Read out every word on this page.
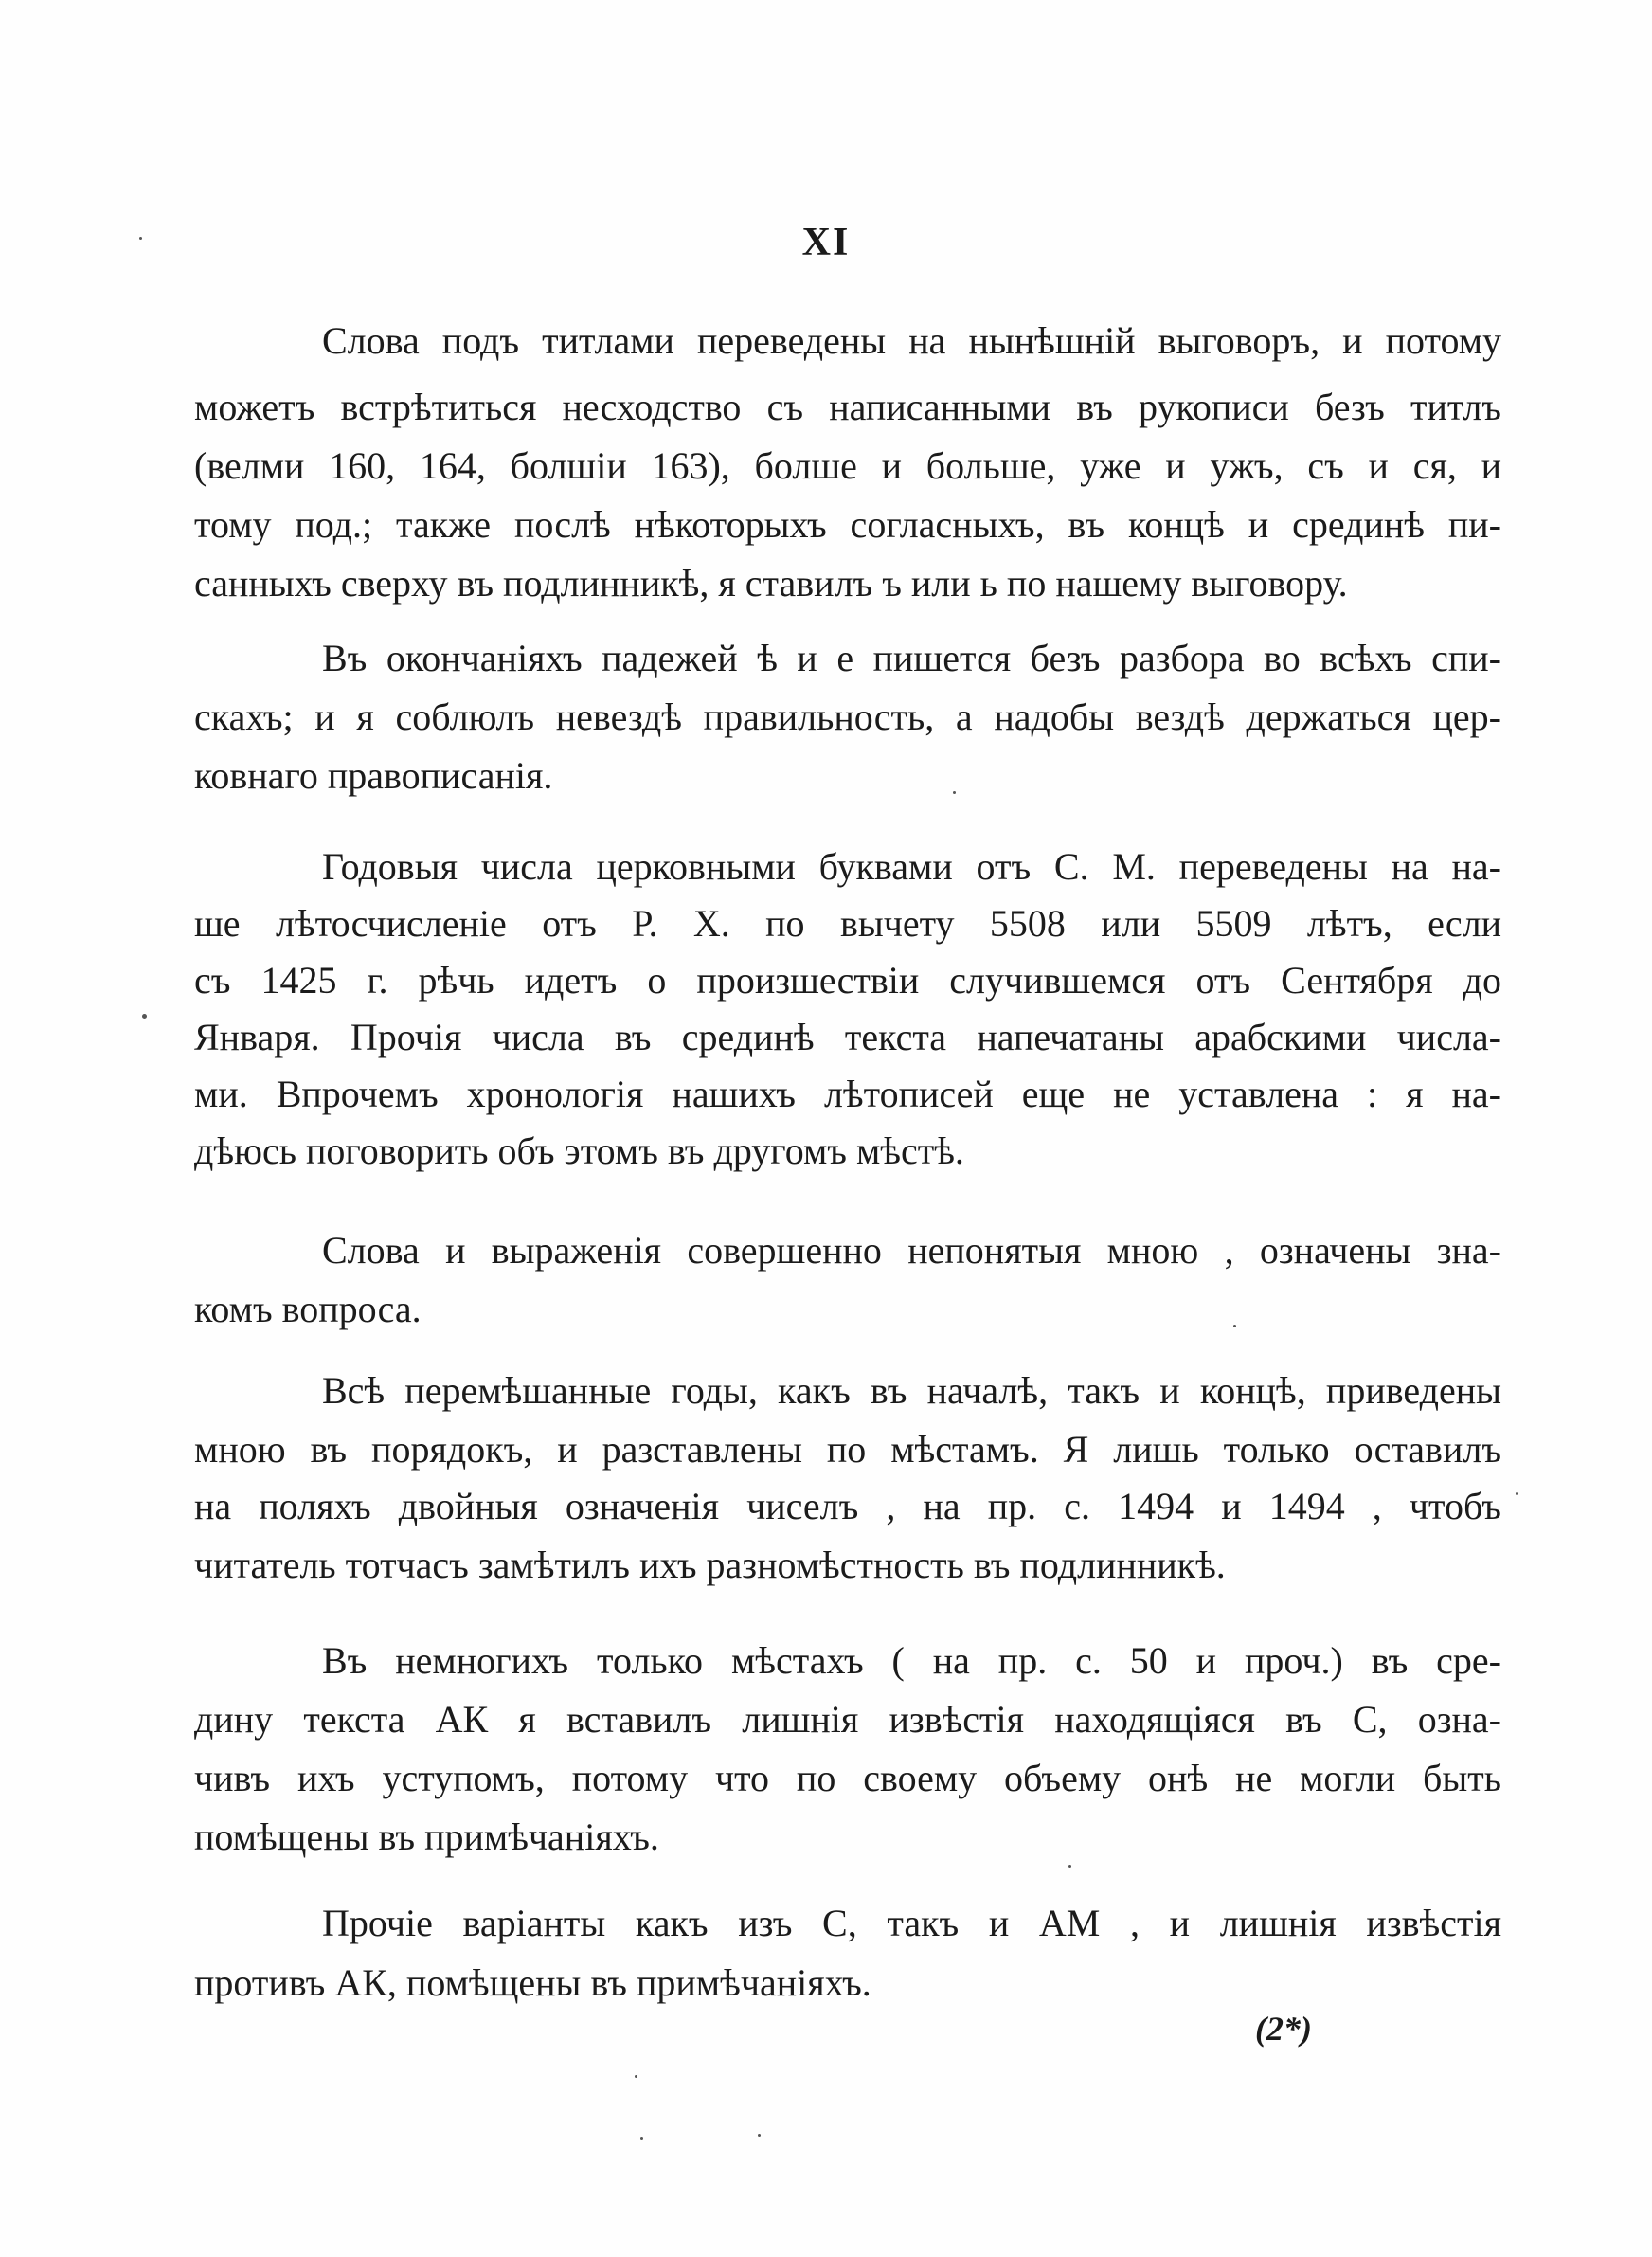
XI
Слова подъ титлами переведены на нынѣшній выговоръ, и потому
можетъ встрѣтиться несходство съ написанными въ рукописи безъ титлъ
(велми 160, 164, болшіи 163), болше и больше, уже и ужъ, съ и ся, и
тому под.; также послѣ нѣкоторыхъ согласныхъ, въ концѣ и срединѣ пи-
санныхъ сверху въ подлинникѣ, я ставилъ ъ или ь по нашему выговору.
Въ окончаніяхъ падежей ѣ и е пишется безъ разбора во всѣхъ спи-
скахъ; и я соблюлъ невездѣ правильность, а надобы вездѣ держаться цер-
ковнаго правописанія.
Годовыя числа церковными буквами отъ С. М. переведены на на-
ше лѣтосчисленіе отъ Р. Х. по вычету 5508 или 5509 лѣтъ, если
съ 1425 г. рѣчь идетъ о произшествіи случившемся отъ Сентября до
Января. Прочія числа въ срединѣ текста напечатаны арабскими числа-
ми. Впрочемъ хронологія нашихъ лѣтописей еще не уставлена : я на-
дѣюсь поговорить объ этомъ въ другомъ мѣстѣ.
Слова и выраженія совершенно непонятыя мною , означены зна-
комъ вопроса.
Всѣ перемѣшанные годы, какъ въ началѣ, такъ и концѣ, приведены
мною въ порядокъ, и разставлены по мѣстамъ. Я лишь только оставилъ
на поляхъ двойныя означенія чиселъ , на пр. с. 1494 и 1494 , чтобъ
читатель тотчасъ замѣтилъ ихъ разномѣстность въ подлинникѣ.
Въ немногихъ только мѣстахъ ( на пр. с. 50 и проч.) въ сре-
дину текста АК я вставилъ лишнія извѣстія находящіяся въ С, озна-
чивъ ихъ уступомъ, потому что по своему объему онѣ не могли быть
помѣщены въ примѣчаніяхъ.
Прочіе варіанты какъ изъ С, такъ и АМ , и лишнія извѣстія
противъ АК, помѣщены въ примѣчаніяхъ.
(2*)
